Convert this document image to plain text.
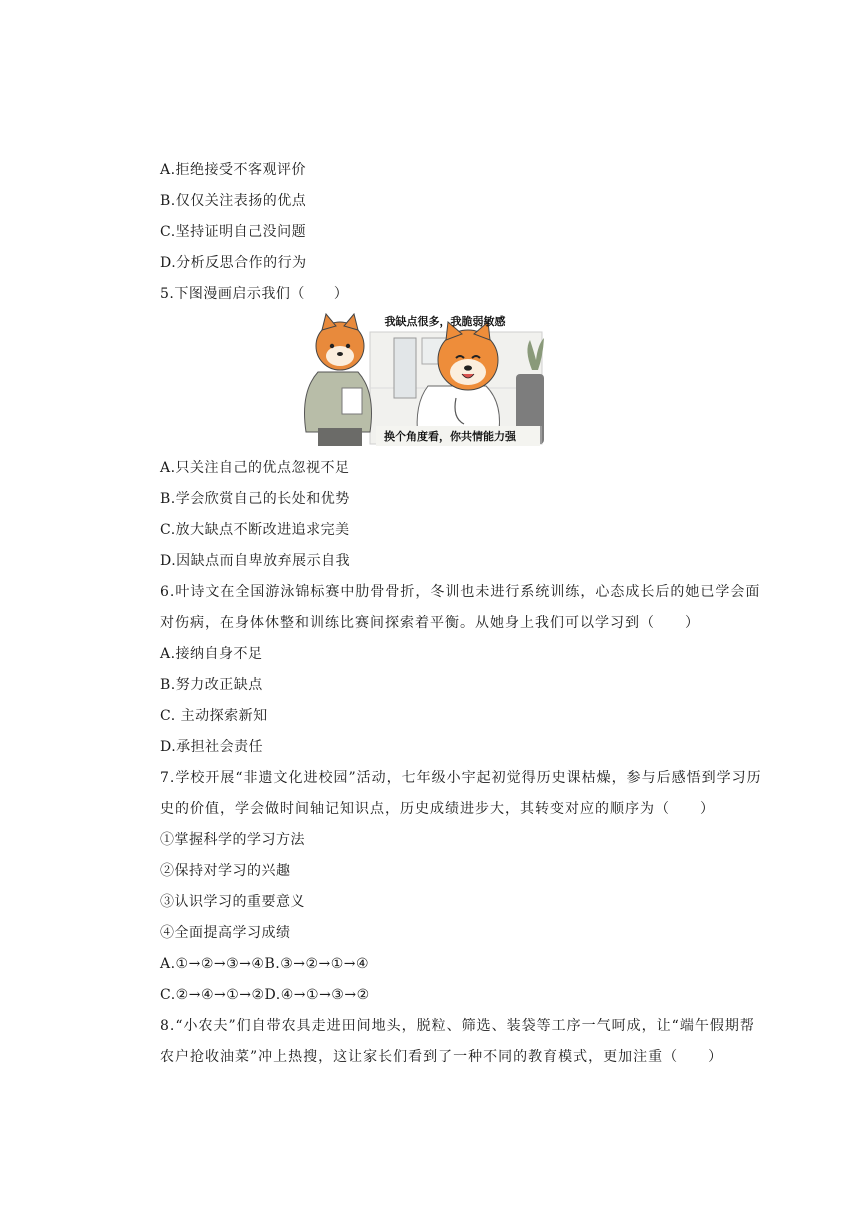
A.拒绝接受不客观评价
B.仅仅关注表扬的优点
C.坚持证明自己没问题
D.分析反思合作的行为
5.下图漫画启示我们（　　）
我缺点很多，我脆弱敏感
换个角度看，你共情能力强
A.只关注自己的优点忽视不足
B.学会欣赏自己的长处和优势
C.放大缺点不断改进追求完美
D.因缺点而自卑放弃展示自我
6.叶诗文在全国游泳锦标赛中肋骨骨折，冬训也未进行系统训练，心态成长后的她已学会面
对伤病，在身体休整和训练比赛间探索着平衡。从她身上我们可以学习到（　　）
A.接纳自身不足
B.努力改正缺点
C. 主动探索新知
D.承担社会责任
7.学校开展“非遗文化进校园”活动，七年级小宇起初觉得历史课枯燥，参与后感悟到学习历
史的价值，学会做时间轴记知识点，历史成绩进步大，其转变对应的顺序为（　　）
①掌握科学的学习方法
②保持对学习的兴趣
③认识学习的重要意义
④全面提高学习成绩
A.①→②→③→④B.③→②→①→④
C.②→④→①→②D.④→①→③→②
8.“小农夫”们自带农具走进田间地头，脱粒、筛选、装袋等工序一气呵成，让“端午假期帮
农户抢收油菜”冲上热搜，这让家长们看到了一种不同的教育模式，更加注重（　　）
